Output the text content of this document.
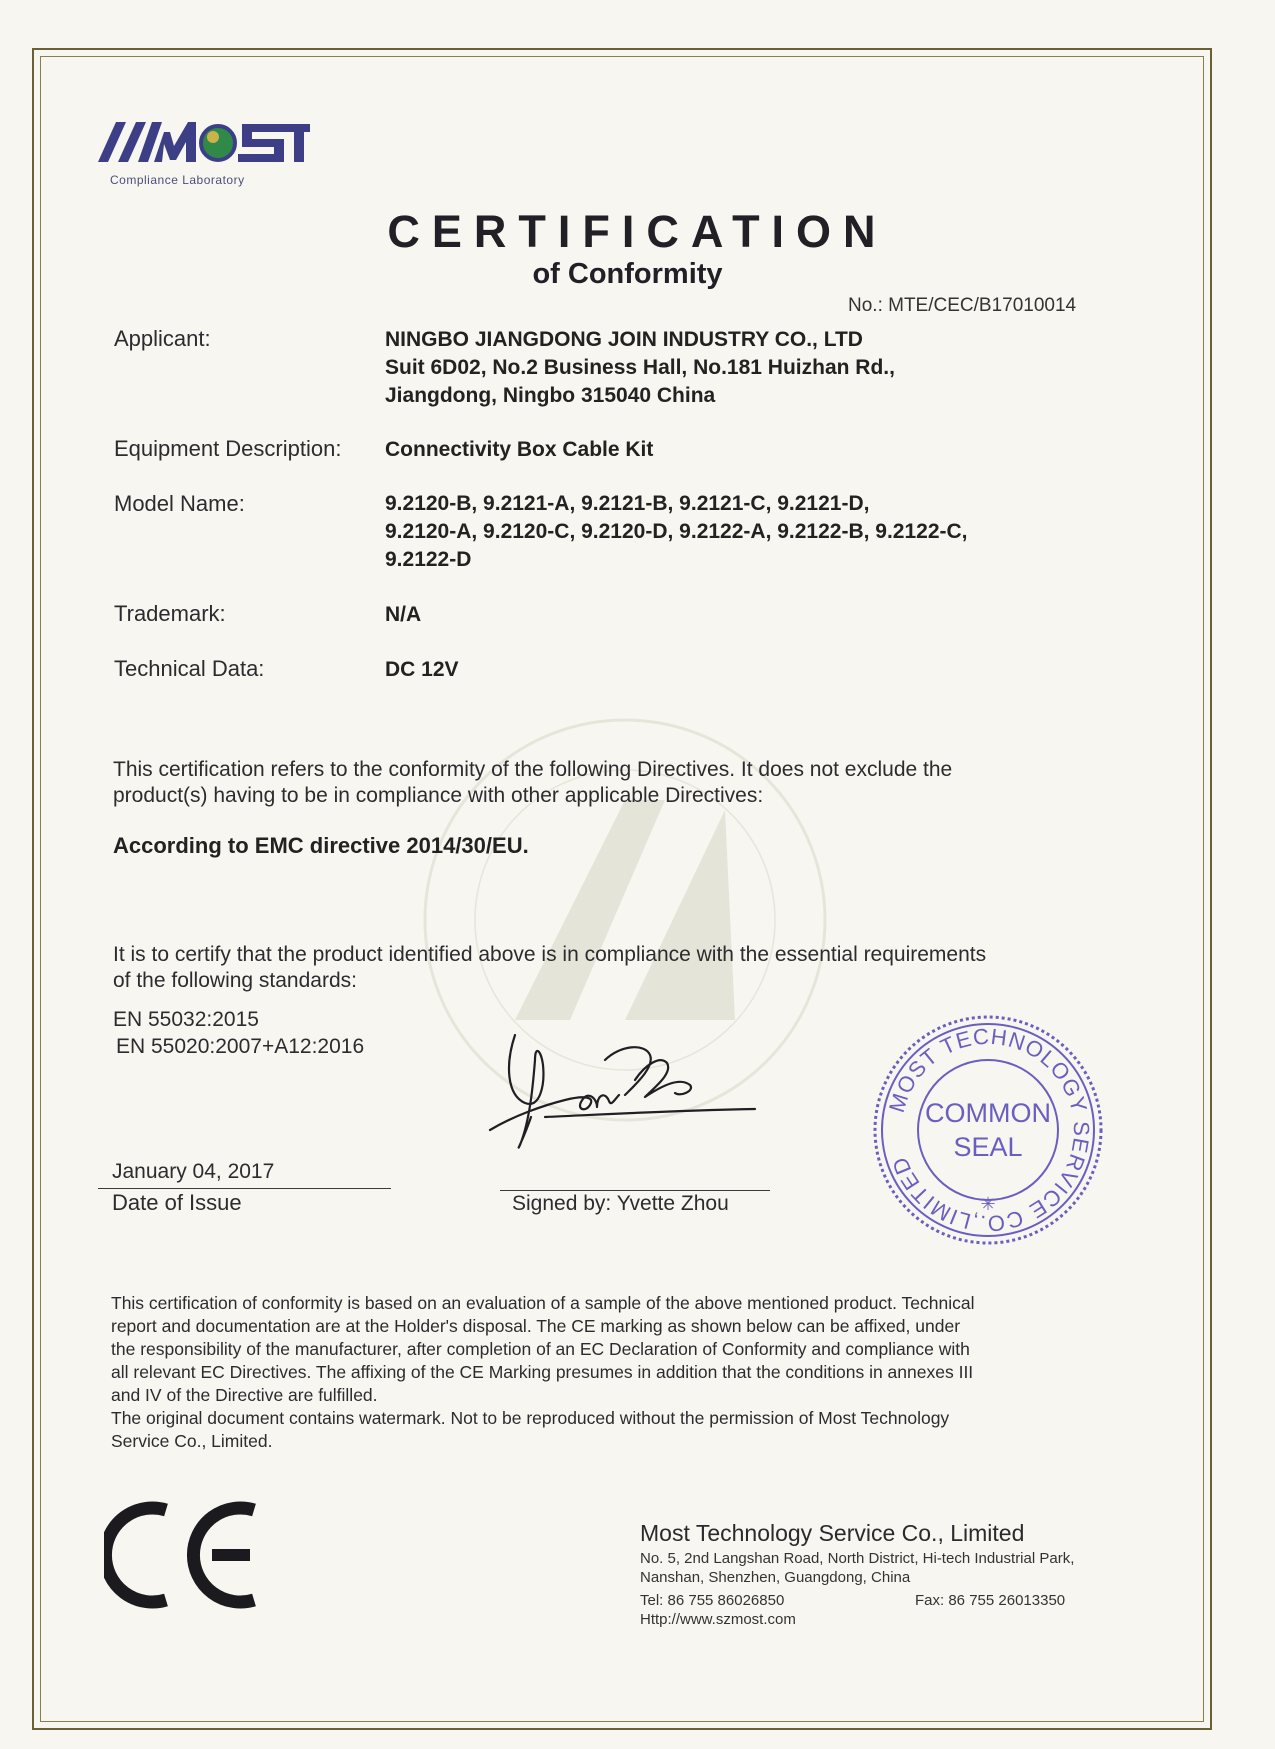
Compliance Laboratory
CERTIFICATION
of Conformity
No.: MTE/CEC/B17010014
Applicant:	NINGBO JIANGDONG JOIN INDUSTRY CO., LTD
Suit 6D02, No.2 Business Hall, No.181 Huizhan Rd.,
Jiangdong, Ningbo 315040 China
Equipment Description: Connectivity Box Cable Kit
Model Name:	9.2120-B, 9.2121-A, 9.2121-B, 9.2121-C, 9.2121-D,
9.2120-A, 9.2120-C, 9.2120-D, 9.2122-A, 9.2122-B, 9.2122-C,
9.2122-D
Trademark:	N/A
Technical Data:	DC 12V
This certification refers to the conformity of the following Directives. It does not exclude the
product(s) having to be in compliance with other applicable Directives:
According to EMC directive 2014/30/EU.
It is to certify that the product identified above is in compliance with the essential requirements
of the following standards:
EN 55032:2015
EN 55020:2007+A12:2016
January 04, 2017
Date of Issue	Signed by: Yvette Zhou
MOST TECHNOLOGY SERVICE CO.,LIMITED
COMMON
SEAL
✳
This certification of conformity is based on an evaluation of a sample of the above mentioned product. Technical
report and documentation are at the Holder's disposal. The CE marking as shown below can be affixed, under
the responsibility of the manufacturer, after completion of an EC Declaration of Conformity and compliance with
all relevant EC Directives. The affixing of the CE Marking presumes in addition that the conditions in annexes III
and IV of the Directive are fulfilled.
The original document contains watermark. Not to be reproduced without the permission of Most Technology
Service Co., Limited.
Most Technology Service Co., Limited
No. 5, 2nd Langshan Road, North District, Hi-tech Industrial Park,
Nanshan, Shenzhen, Guangdong, China
Tel: 86 755 86026850	Fax: 86 755 26013350
Http://www.szmost.com
